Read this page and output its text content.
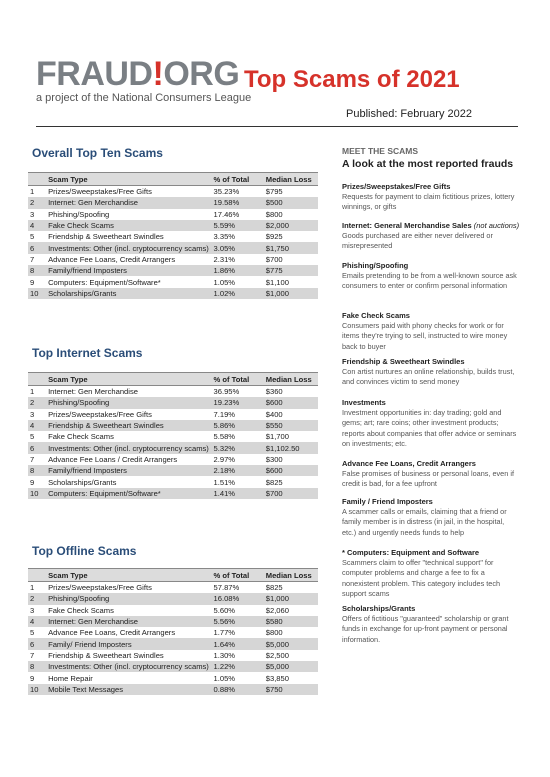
FRAUD!ORG
a project of the National Consumers League
Top Scams of 2021
Published: February 2022
Overall Top Ten Scams
	Scam Type	% of Total	Median Loss
1	Prizes/Sweepstakes/Free Gifts	35.23%	$795
2	Internet: Gen Merchandise	19.58%	$500
3	Phishing/Spoofing	17.46%	$800
4	Fake Check Scams	5.59%	$2,000
5	Friendship & Sweetheart Swindles	3.35%	$925
6	Investments: Other (incl. cryptocurrency scams)	3.05%	$1,750
7	Advance Fee Loans, Credit Arrangers	2.31%	$700
8	Family/friend Imposters	1.86%	$775
9	Computers: Equipment/Software*	1.05%	$1,100
10	Scholarships/Grants	1.02%	$1,000
Top Internet Scams
	Scam Type	% of Total	Median Loss
1	Internet: Gen Merchandise	36.95%	$360
2	Phishing/Spoofing	19.23%	$600
3	Prizes/Sweepstakes/Free Gifts	7.19%	$400
4	Friendship & Sweetheart Swindles	5.86%	$550
5	Fake Check Scams	5.58%	$1,700
6	Investments: Other (incl. cryptocurrency scams)	5.32%	$1,102.50
7	Advance Fee Loans / Credit Arrangers	2.97%	$300
8	Family/friend Imposters	2.18%	$600
9	Scholarships/Grants	1.51%	$825
10	Computers: Equipment/Software*	1.41%	$700
Top Offline Scams
	Scam Type	% of Total	Median Loss
1	Prizes/Sweepstakes/Free Gifts	57.87%	$825
2	Phishing/Spoofing	16.08%	$1,000
3	Fake Check Scams	5.60%	$2,060
4	Internet: Gen Merchandise	5.56%	$580
5	Advance Fee Loans, Credit Arrangers	1.77%	$800
6	Family/ Friend Imposters	1.64%	$5,000
7	Friendship & Sweetheart Swindles	1.30%	$2,500
8	Investments: Other (incl. cryptocurrency scams)	1.22%	$5,000
9	Home Repair	1.05%	$3,850
10	Mobile Text Messages	0.88%	$750
MEET THE SCAMS
A look at the most reported frauds
Prizes/Sweepstakes/Free Gifts
Requests for payment to claim fictitious prizes, lottery winnings, or gifts
Internet: General Merchandise Sales (not auctions)
Goods purchased are either never delivered or misrepresented
Phishing/Spoofing
Emails pretending to be from a well-known source ask consumers to enter or confirm personal information
Fake Check Scams
Consumers paid with phony checks for work or for items they're trying to sell, instructed to wire money back to buyer
Friendship & Sweetheart Swindles
Con artist nurtures an online relationship, builds trust, and convinces victim to send money
Investments
Investment opportunities in: day trading; gold and gems; art; rare coins; other investment products; reports about companies that offer advice or seminars on investments; etc.
Advance Fee Loans, Credit Arrangers
False promises of business or personal loans, even if credit is bad, for a fee upfront
Family / Friend Imposters
A scammer calls or emails, claiming that a friend or family member is in distress (in jail, in the hospital, etc.) and urgently needs funds to help
* Computers: Equipment and Software
Scammers claim to offer "technical support" for computer problems and charge a fee to fix a nonexistent problem. This category includes tech support scams
Scholarships/Grants
Offers of fictitious "guaranteed" scholarship or grant funds in exchange for up-front payment or personal information.
